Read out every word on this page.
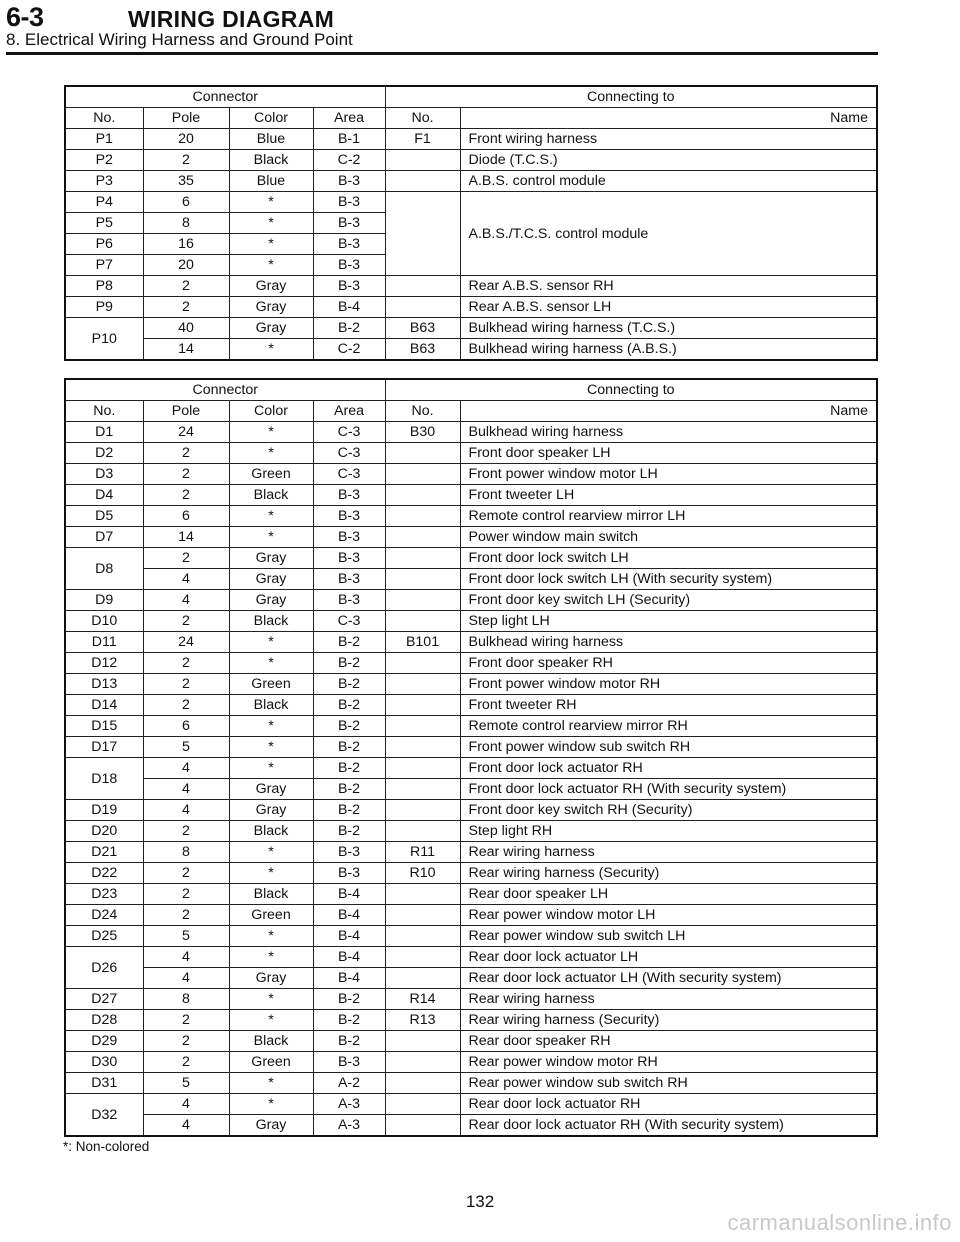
6-3	WIRING DIAGRAM
8. Electrical Wiring Harness and Ground Point
Connector				Connecting to	
No.	Pole	Color	Area	No.	Name
P1	20	Blue	B-1	F1	Front wiring harness
P2	2	Black	C-2		Diode (T.C.S.)
P3	35	Blue	B-3		A.B.S. control module
P4	6	*	B-3		A.B.S./T.C.S. control module
P5	8	*	B-3		
P6	16	*	B-3		
P7	20	*	B-3		
P8	2	Gray	B-3		Rear A.B.S. sensor RH
P9	2	Gray	B-4		Rear A.B.S. sensor LH
P10	40	Gray	B-2	B63	Bulkhead wiring harness (T.C.S.)
	14	*	C-2	B63	Bulkhead wiring harness (A.B.S.)
Connector				Connecting to	
No.	Pole	Color	Area	No.	Name
D1	24	*	C-3	B30	Bulkhead wiring harness
D2	2	*	C-3		Front door speaker LH
D3	2	Green	C-3		Front power window motor LH
D4	2	Black	B-3		Front tweeter LH
D5	6	*	B-3		Remote control rearview mirror LH
D7	14	*	B-3		Power window main switch
D8	2	Gray	B-3		Front door lock switch LH
	4	Gray	B-3		Front door lock switch LH (With security system)
D9	4	Gray	B-3		Front door key switch LH (Security)
D10	2	Black	C-3		Step light LH
D11	24	*	B-2	B101	Bulkhead wiring harness
D12	2	*	B-2		Front door speaker RH
D13	2	Green	B-2		Front power window motor RH
D14	2	Black	B-2		Front tweeter RH
D15	6	*	B-2		Remote control rearview mirror RH
D17	5	*	B-2		Front power window sub switch RH
D18	4	*	B-2		Front door lock actuator RH
	4	Gray	B-2		Front door lock actuator RH (With security system)
D19	4	Gray	B-2		Front door key switch RH (Security)
D20	2	Black	B-2		Step light RH
D21	8	*	B-3	R11	Rear wiring harness
D22	2	*	B-3	R10	Rear wiring harness (Security)
D23	2	Black	B-4		Rear door speaker LH
D24	2	Green	B-4		Rear power window motor LH
D25	5	*	B-4		Rear power window sub switch LH
D26	4	*	B-4		Rear door lock actuator LH
	4	Gray	B-4		Rear door lock actuator LH (With security system)
D27	8	*	B-2	R14	Rear wiring harness
D28	2	*	B-2	R13	Rear wiring harness (Security)
D29	2	Black	B-2		Rear door speaker RH
D30	2	Green	B-3		Rear power window motor RH
D31	5	*	A-2		Rear power window sub switch RH
D32	4	*	A-3		Rear door lock actuator RH
	4	Gray	A-3		Rear door lock actuator RH (With security system)
*: Non-colored
132
carmanualsonline.info
